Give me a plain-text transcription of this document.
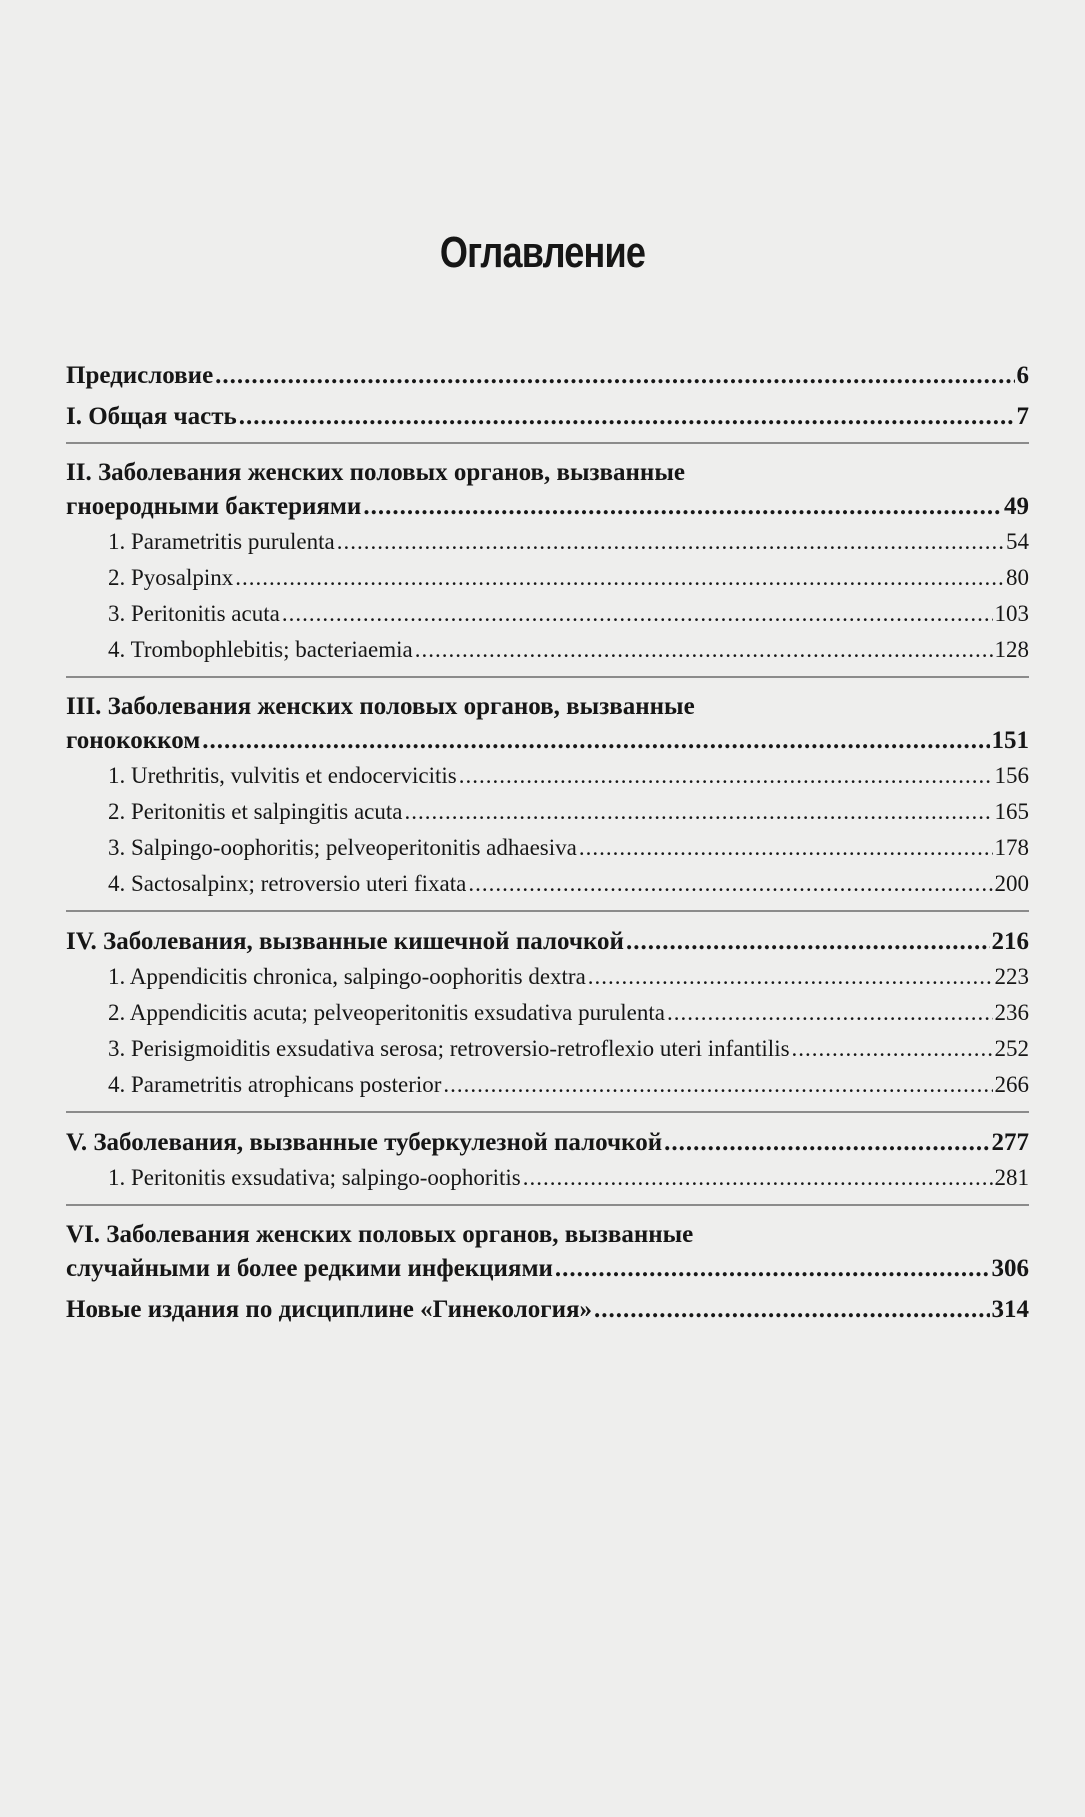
Оглавление
Предисловие .....	6
I. Общая часть .....	7
II. Заболевания женских половых органов, вызванные
гноеродными бактериями .....	49
1. Parametritis purulenta .....	54
2. Pyosalpinx .....	80
3. Peritonitis acuta .....	103
4. Tromboрhlebitis; bacteriaemia .....	128
III. Заболевания женских половых органов, вызванные
гонококком .....	151
1. Urethritis, vulvitis et endocervicitis .....	156
2. Peritonitis et salpingitis acuta .....	165
3. Salpingo-oophoritis; pelveoperitonitis adhaesiva .....	178
4. Sactosalpinx; retroversio uteri fixata .....	200
IV. Заболевания, вызванные кишечной палочкой .....	216
1. Appendicitis chronica, salpingo-oophoritis dextra .....	223
2. Appendicitis acuta; pelveoperitonitis exsudativa purulenta .....	236
3. Perisigmoiditis exsudativa serosa; retroversio-retroflexio uteri infantilis .....	252
4. Parametritis atrophicans posterior .....	266
V. Заболевания, вызванные туберкулезной палочкой .....	277
1. Peritonitis exsudativa; salpingo-oophoritis .....	281
VI. Заболевания женских половых органов, вызванные
случайными и более редкими инфекциями .....	306
Новые издания по дисциплине «Гинекология» .....	314
